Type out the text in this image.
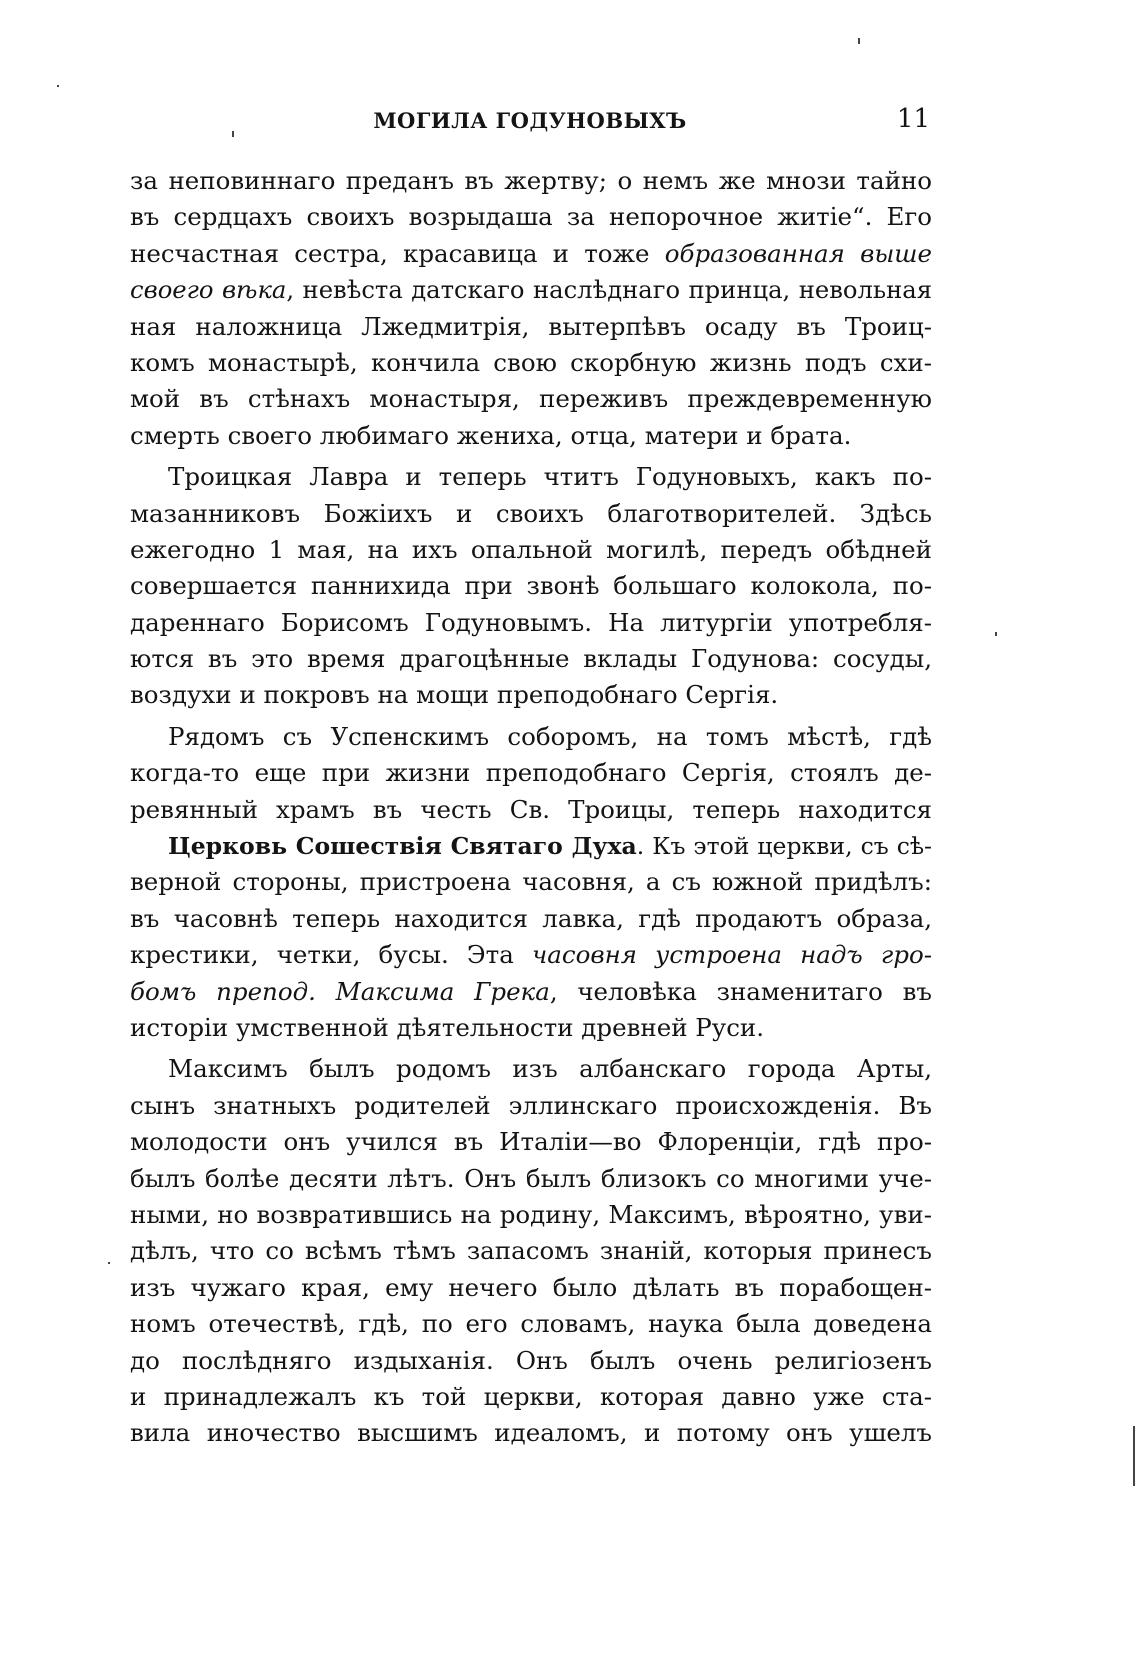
МОГИЛА ГОДУНОВЫХЪ	11
за неповиннаго преданъ въ жертву; о немъ же мнози тайно
въ сердцахъ своихъ возрыдаша за непорочное житіе“. Его
несчастная сестра, красавица и тоже образованная выше
своего вѣка, невѣста датскаго наслѣднаго принца, невольная
ная наложница Лжедмитрія, вытерпѣвъ осаду въ Троиц-
комъ монастырѣ, кончила свою скорбную жизнь подъ схи-
мой въ стѣнахъ монастыря, переживъ преждевременную
смерть своего любимаго жениха, отца, матери и брата.
Троицкая Лавра и теперь чтитъ Годуновыхъ, какъ по-
мазанниковъ Божіихъ и своихъ благотворителей. Здѣсь
ежегодно 1 мая, на ихъ опальной могилѣ, передъ обѣдней
совершается паннихида при звонѣ большаго колокола, по-
дареннаго Борисомъ Годуновымъ. На литургіи употребля-
ются въ это время драгоцѣнные вклады Годунова: сосуды,
воздухи и покровъ на мощи преподобнаго Сергія.
Рядомъ съ Успенскимъ соборомъ, на томъ мѣстѣ, гдѣ
когда-то еще при жизни преподобнаго Сергія, стоялъ де-
ревянный храмъ въ честь Св. Троицы, теперь находится
Церковь Сошествія Святаго Духа. Къ этой церкви, съ сѣ-
верной стороны, пристроена часовня, а съ южной придѣлъ:
въ часовнѣ теперь находится лавка, гдѣ продаютъ образа,
крестики, четки, бусы. Эта часовня устроена надъ гро-
бомъ препод. Максима Грека, человѣка знаменитаго въ
исторіи умственной дѣятельности древней Руси.
Максимъ былъ родомъ изъ албанскаго города Арты,
сынъ знатныхъ родителей эллинскаго происхожденія. Въ
молодости онъ учился въ Италіи—во Флоренціи, гдѣ про-
былъ болѣе десяти лѣтъ. Онъ былъ близокъ со многими уче-
ными, но возвратившись на родину, Максимъ, вѣроятно, уви-
дѣлъ, что со всѣмъ тѣмъ запасомъ знаній, которыя принесъ
изъ чужаго края, ему нечего было дѣлать въ порабощен-
номъ отечествѣ, гдѣ, по его словамъ, наука была доведена
до послѣдняго издыханія. Онъ былъ очень религіозенъ
и принадлежалъ къ той церкви, которая давно уже ста-
вила иночество высшимъ идеаломъ, и потому онъ ушелъ
